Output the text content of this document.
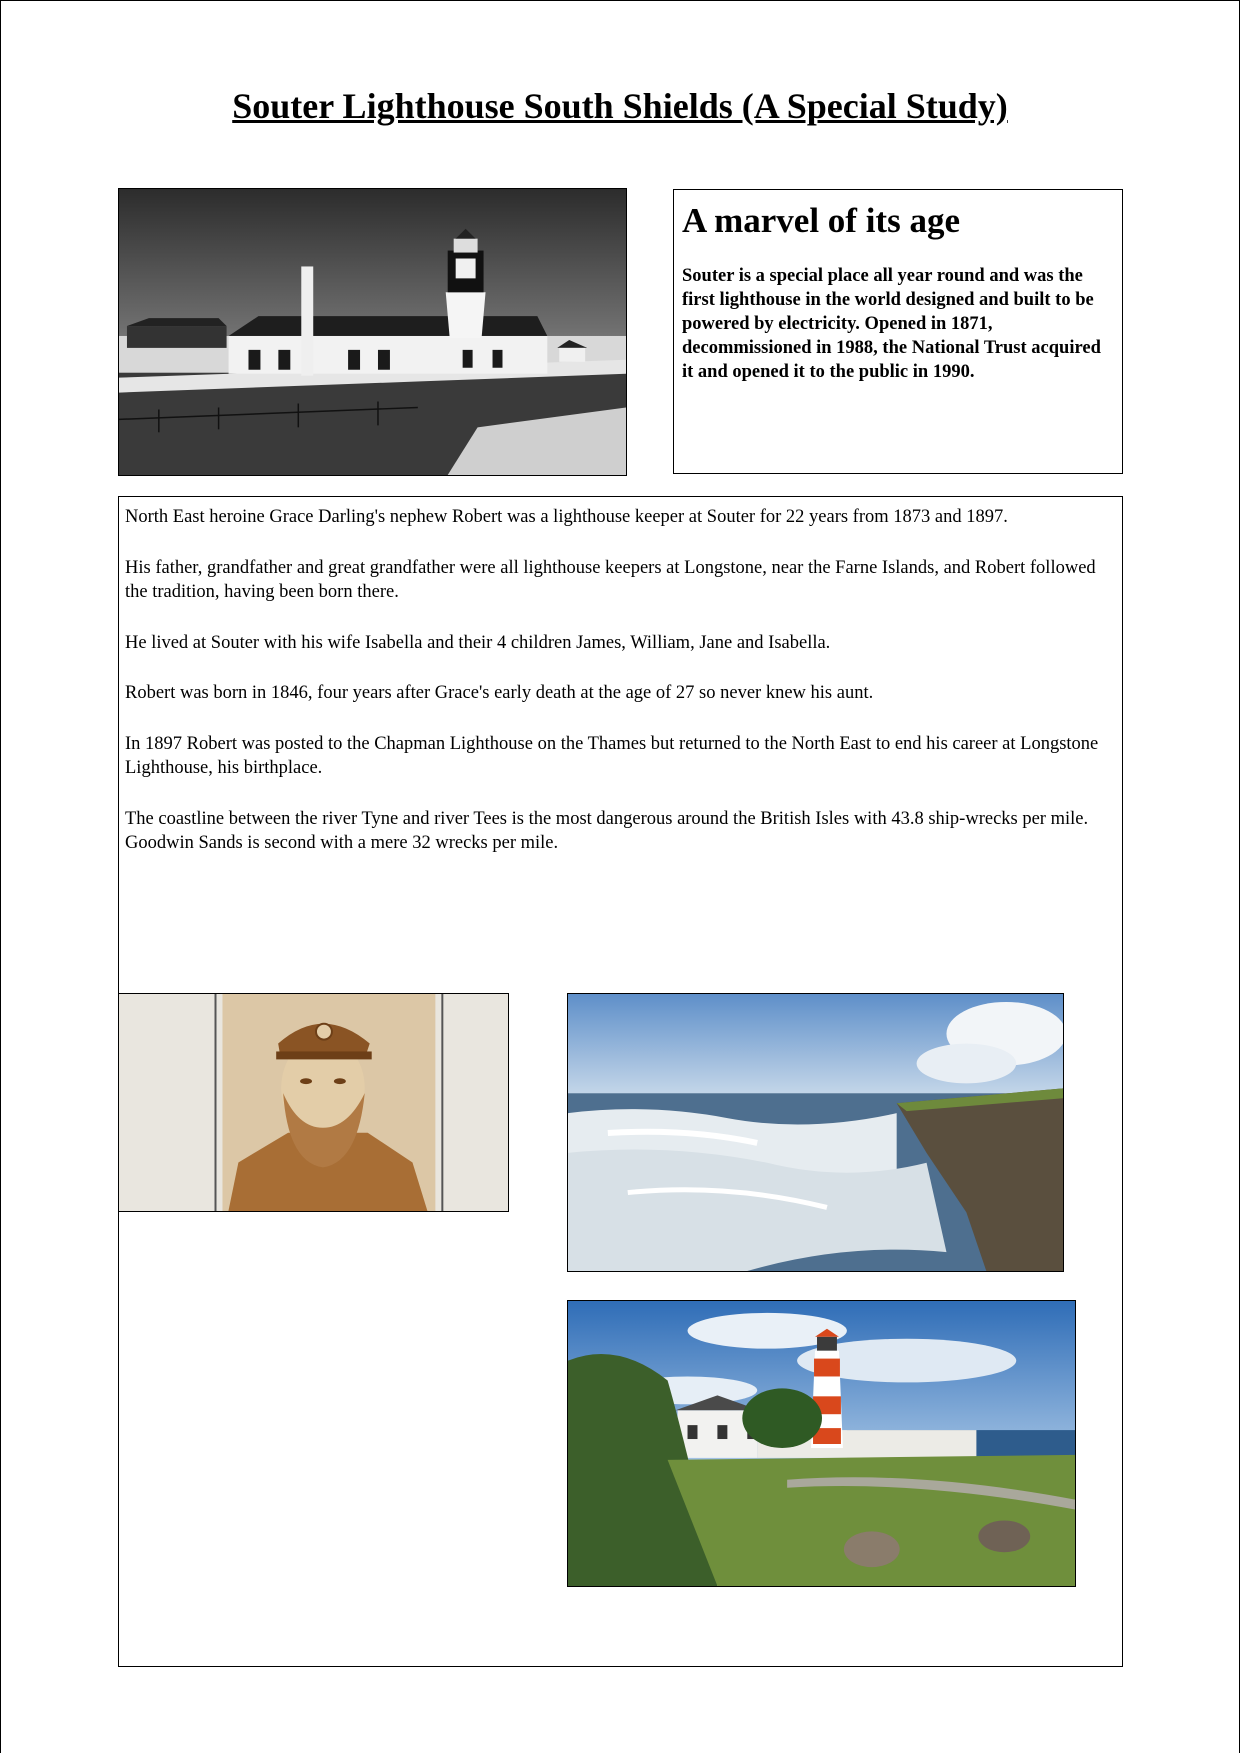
Souter Lighthouse South Shields (A Special Study)
A marvel of its age

Souter is a special place all year round and was the first lighthouse in the world designed and built to be powered by electricity. Opened in 1871, decommissioned in 1988, the National Trust acquired it and opened it to the public in 1990.

North East heroine Grace Darling's nephew Robert was a lighthouse keeper at Souter for 22 years from 1873 and 1897.

His father, grandfather and great grandfather were all lighthouse keepers at Longstone, near the Farne Islands, and Robert followed the tradition, having been born there.

He lived at Souter with his wife Isabella and their 4 children James, William, Jane and Isabella.

Robert was born in 1846, four years after Grace's early death at the age of 27 so never knew his aunt.

In 1897 Robert was posted to the Chapman Lighthouse on the Thames but returned to the North East to end his career at Longstone Lighthouse, his birthplace.

The coastline between the river Tyne and river Tees is the most dangerous around the British Isles with 43.8 ship-wrecks per mile. Goodwin Sands is second with a mere 32 wrecks per mile.
